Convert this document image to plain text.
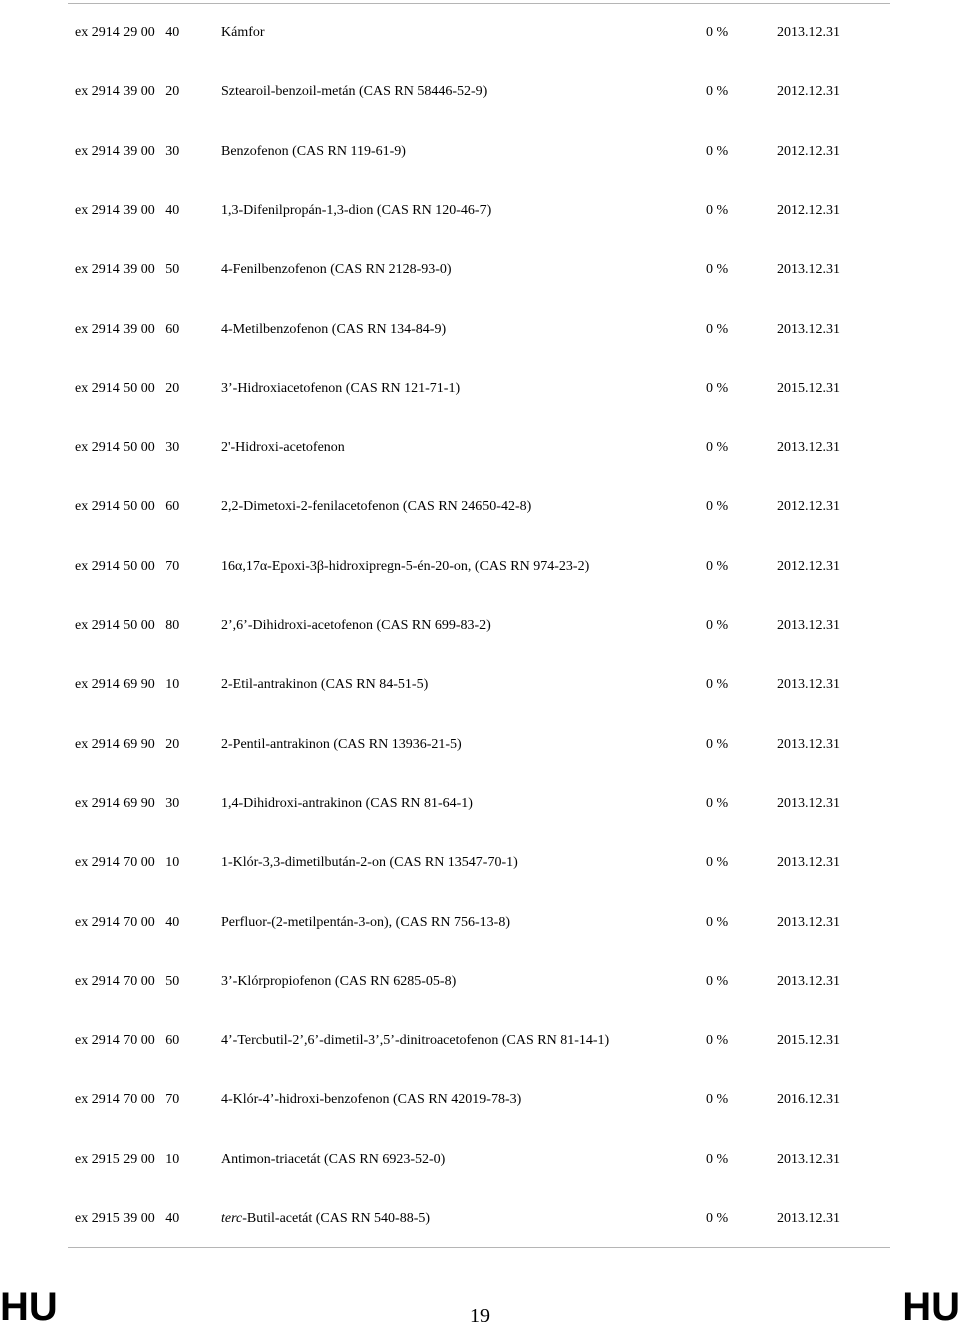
ex 2914 29 00   40	Kámfor	0 %	2013.12.31
ex 2914 39 00   20	Sztearoil-benzoil-metán (CAS RN 58446-52-9)	0 %	2012.12.31
ex 2914 39 00   30	Benzofenon (CAS RN 119-61-9)	0 %	2012.12.31
ex 2914 39 00   40	1,3-Difenilpropán-1,3-dion (CAS RN 120-46-7)	0 %	2012.12.31
ex 2914 39 00   50	4-Fenilbenzofenon (CAS RN 2128-93-0)	0 %	2013.12.31
ex 2914 39 00   60	4-Metilbenzofenon (CAS RN 134-84-9)	0 %	2013.12.31
ex 2914 50 00   20	3’-Hidroxiacetofenon (CAS RN 121-71-1)	0 %	2015.12.31
ex 2914 50 00   30	2'-Hidroxi-acetofenon	0 %	2013.12.31
ex 2914 50 00   60	2,2-Dimetoxi-2-fenilacetofenon (CAS RN 24650-42-8)	0 %	2012.12.31
ex 2914 50 00   70	16α,17α-Epoxi-3β-hidroxipregn-5-én-20-on, (CAS RN 974-23-2)	0 %	2012.12.31
ex 2914 50 00   80	2’,6’-Dihidroxi-acetofenon (CAS RN 699-83-2)	0 %	2013.12.31
ex 2914 69 90   10	2-Etil-antrakinon (CAS RN 84-51-5)	0 %	2013.12.31
ex 2914 69 90   20	2-Pentil-antrakinon (CAS RN 13936-21-5)	0 %	2013.12.31
ex 2914 69 90   30	1,4-Dihidroxi-antrakinon (CAS RN 81-64-1)	0 %	2013.12.31
ex 2914 70 00   10	1-Klór-3,3-dimetilbután-2-on (CAS RN 13547-70-1)	0 %	2013.12.31
ex 2914 70 00   40	Perfluor-(2-metilpentán-3-on), (CAS RN 756-13-8)	0 %	2013.12.31
ex 2914 70 00   50	3’-Klórpropiofenon (CAS RN 6285-05-8)	0 %	2013.12.31
ex 2914 70 00   60	4’-Tercbutil-2’,6’-dimetil-3’,5’-dinitroacetofenon (CAS RN 81-14-1)	0 %	2015.12.31
ex 2914 70 00   70	4-Klór-4’-hidroxi-benzofenon (CAS RN 42019-78-3)	0 %	2016.12.31
ex 2915 29 00   10	Antimon-triacetát (CAS RN 6923-52-0)	0 %	2013.12.31
ex 2915 39 00   40	terc-Butil-acetát (CAS RN 540-88-5)	0 %	2013.12.31
HU	19	HU
